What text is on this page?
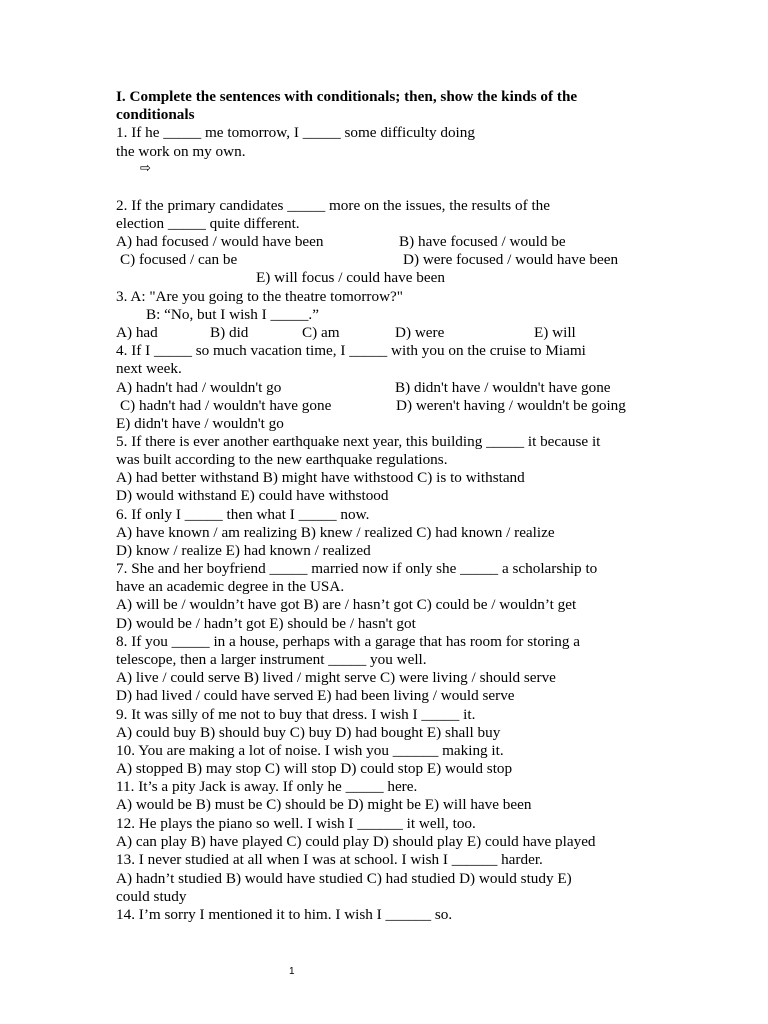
I. Complete the sentences with conditionals; then, show the kinds of the
conditionals
1. If he _____ me tomorrow, I _____ some difficulty doing
the work on my own.
⇨
2. If the primary candidates _____ more on the issues, the results of the
election _____ quite different.
A) had focused / would have been	B) have focused / would be
C) focused / can be	D) were focused / would have been
E) will focus / could have been
3. A: "Are you going to the theatre tomorrow?"
B: “No, but I wish I _____.”
A) had	B) did	C) am	D) were	E) will
4. If I _____ so much vacation time, I _____ with you on the cruise to Miami
next week.
A) hadn't had / wouldn't go	B) didn't have / wouldn't have gone
C) hadn't had / wouldn't have gone	D) weren't having / wouldn't be going
E) didn't have / wouldn't go
5. If there is ever another earthquake next year, this building _____ it because it
was built according to the new earthquake regulations.
A) had better withstand B) might have withstood C) is to withstand
D) would withstand E) could have withstood
6. If only I _____ then what I _____ now.
A) have known / am realizing B) knew / realized C) had known / realize
D) know / realize E) had known / realized
7. She and her boyfriend _____ married now if only she _____ a scholarship to
have an academic degree in the USA.
A) will be / wouldn’t have got B) are / hasn’t got C) could be / wouldn’t get
D) would be / hadn’t got E) should be / hasn't got
8. If you _____ in a house, perhaps with a garage that has room for storing a
telescope, then a larger instrument _____ you well.
A) live / could serve B) lived / might serve C) were living / should serve
D) had lived / could have served E) had been living / would serve
9. It was silly of me not to buy that dress. I wish I _____ it.
A) could buy B) should buy C) buy D) had bought E) shall buy
10. You are making a lot of noise. I wish you ______ making it.
A) stopped B) may stop C) will stop D) could stop E) would stop
11. It’s a pity Jack is away. If only he _____ here.
A) would be B) must be C) should be D) might be E) will have been
12. He plays the piano so well. I wish I ______ it well, too.
A) can play B) have played C) could play D) should play E) could have played
13. I never studied at all when I was at school. I wish I ______ harder.
A) hadn’t studied B) would have studied C) had studied D) would study E)
could study
14. I’m sorry I mentioned it to him. I wish I ______ so.
1
